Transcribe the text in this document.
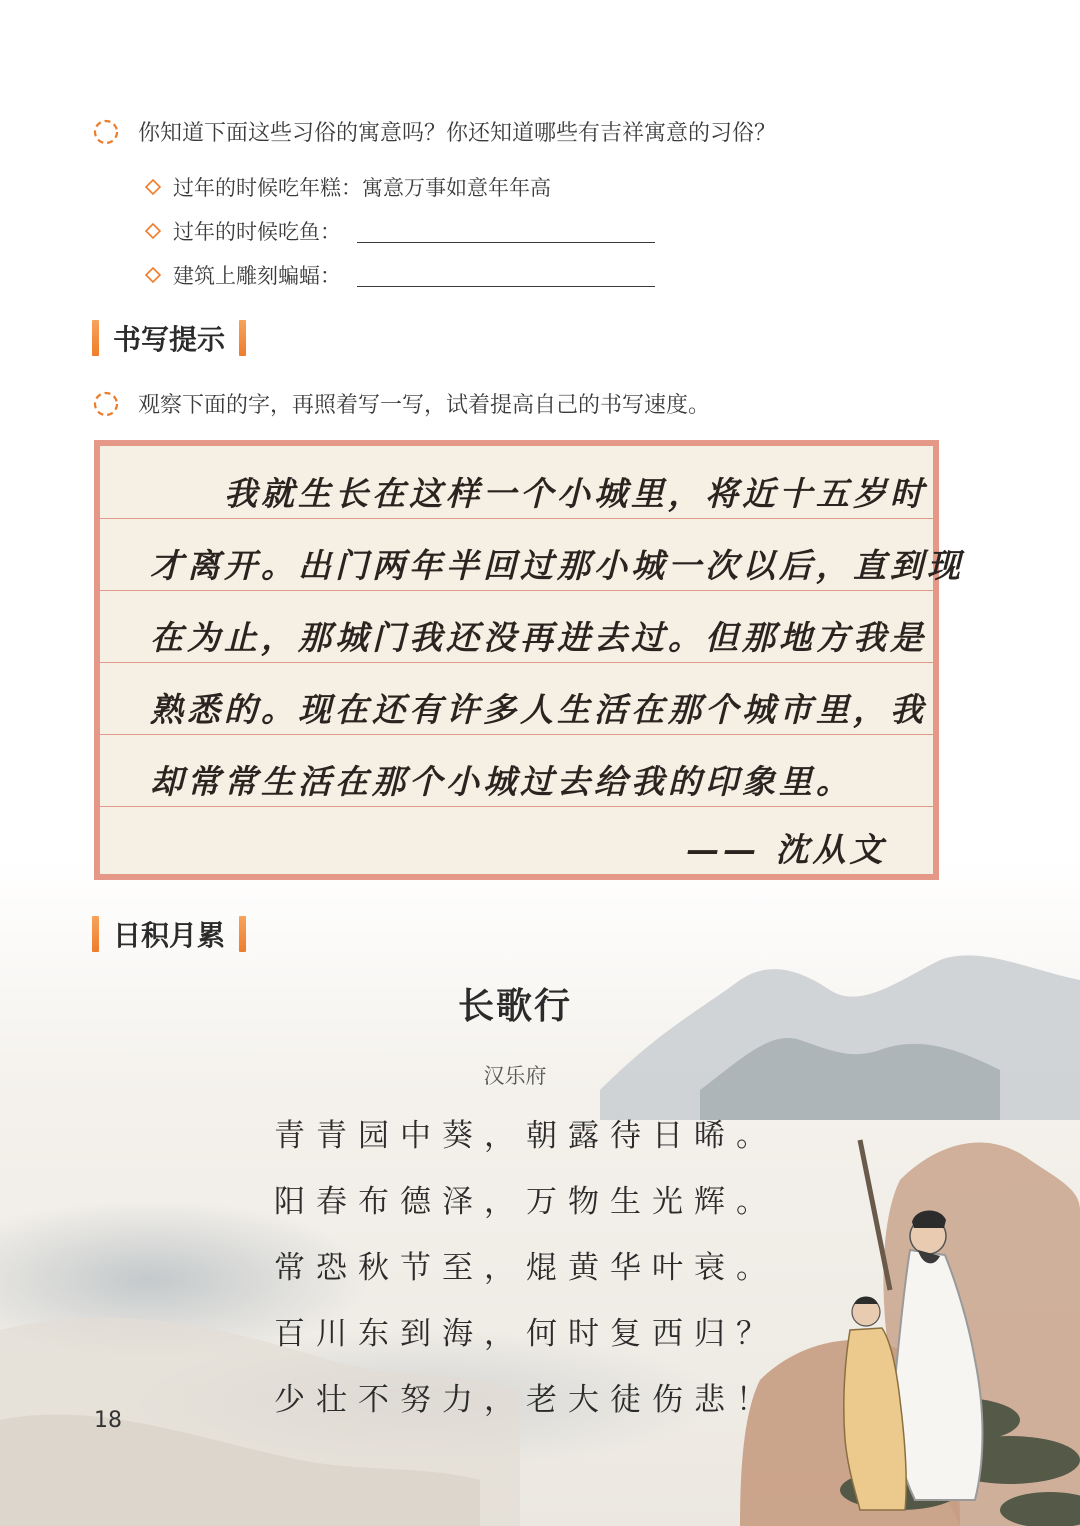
你知道下面这些习俗的寓意吗？你还知道哪些有吉祥寓意的习俗？
过年的时候吃年糕：寓意万事如意年年高
过年的时候吃鱼：
建筑上雕刻蝙蝠：
书写提示
观察下面的字，再照着写一写，试着提高自己的书写速度。
我就生长在这样一个小城里，将近十五岁时
才离开。出门两年半回过那小城一次以后，直到现
在为止，那城门我还没再进去过。但那地方我是
熟悉的。现在还有许多人生活在那个城市里，我
却常常生活在那个小城过去给我的印象里。
—— 沈从文
日积月累
长歌行
汉乐府
青青园中葵，朝露待日晞。
阳春布德泽，万物生光辉。
常恐秋节至，焜黄华叶衰。
百川东到海，何时复西归？
少壮不努力，老大徒伤悲！
18
